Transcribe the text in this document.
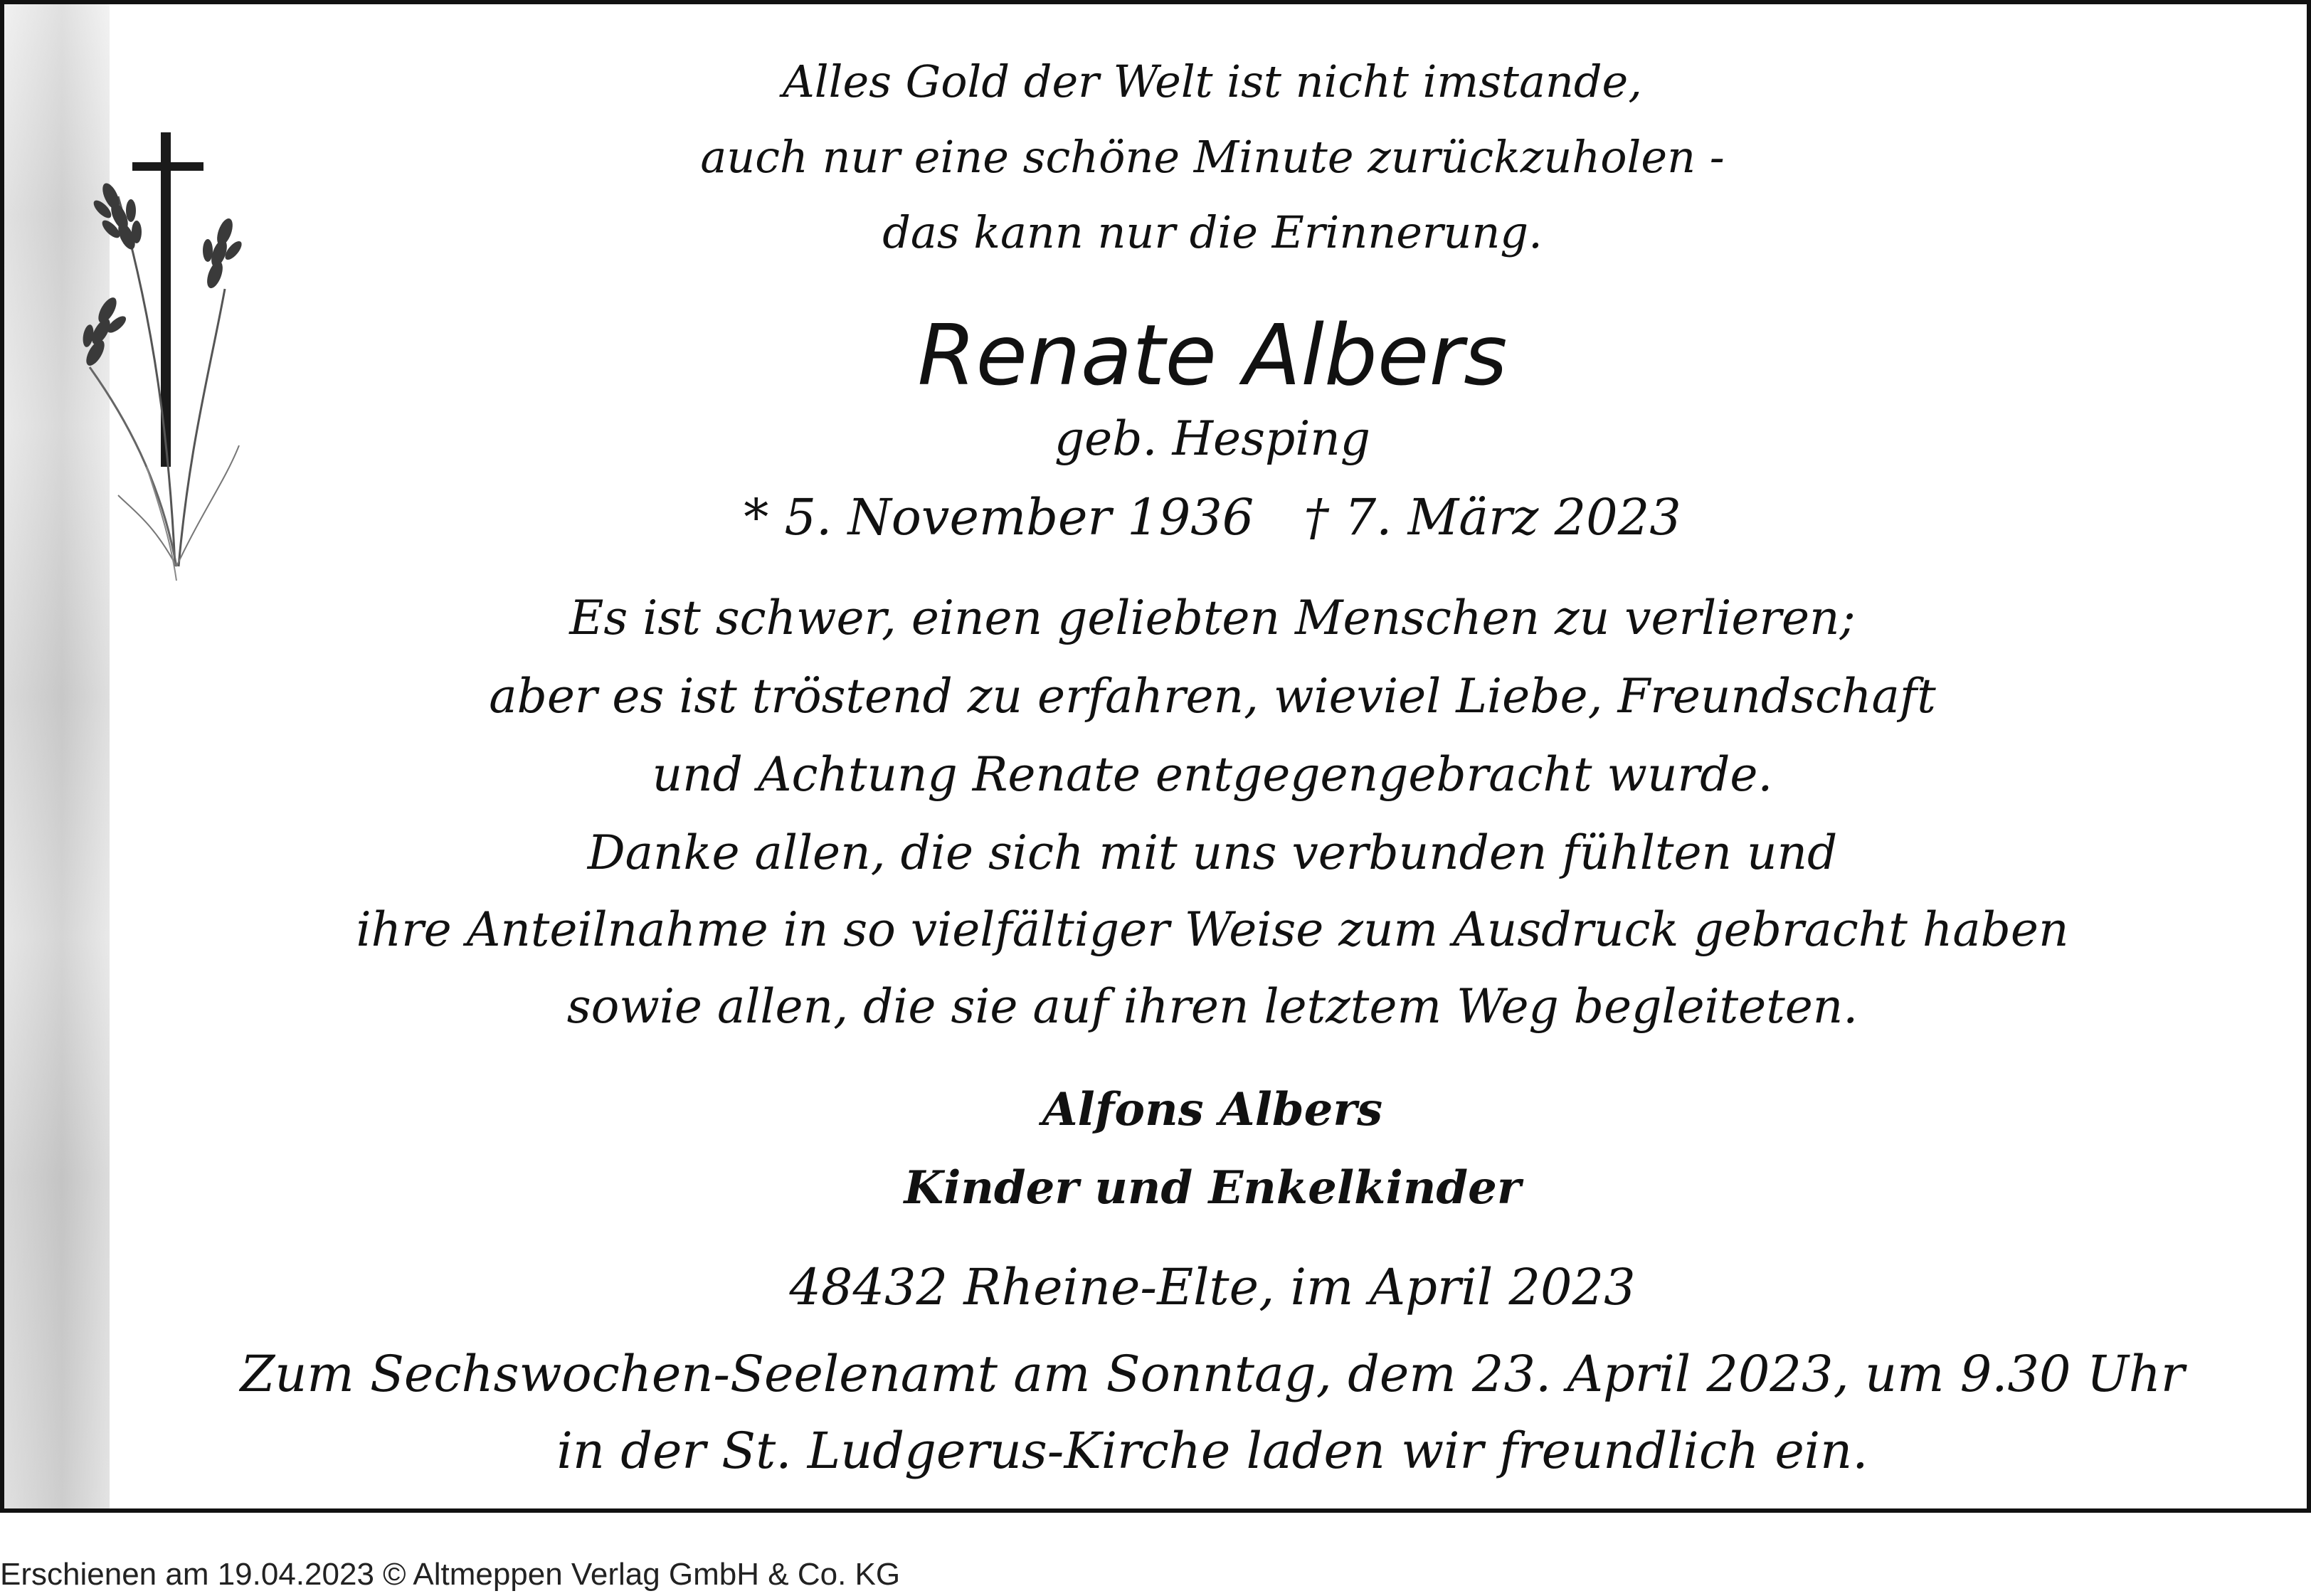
Alles Gold der Welt ist nicht imstande,
auch nur eine schöne Minute zurückzuholen -
das kann nur die Erinnerung.
Renate Albers
geb. Hesping
* 5. November 1936 † 7. März 2023
Es ist schwer, einen geliebten Menschen zu verlieren;
aber es ist tröstend zu erfahren, wieviel Liebe, Freundschaft
und Achtung Renate entgegengebracht wurde.
Danke allen, die sich mit uns verbunden fühlten und
ihre Anteilnahme in so vielfältiger Weise zum Ausdruck gebracht haben
sowie allen, die sie auf ihren letztem Weg begleiteten.
Alfons Albers
Kinder und Enkelkinder
48432 Rheine-Elte, im April 2023
Zum Sechswochen-Seelenamt am Sonntag, dem 23. April 2023, um 9.30 Uhr
in der St. Ludgerus-Kirche laden wir freundlich ein.
Erschienen am 19.04.2023 © Altmeppen Verlag GmbH & Co. KG
